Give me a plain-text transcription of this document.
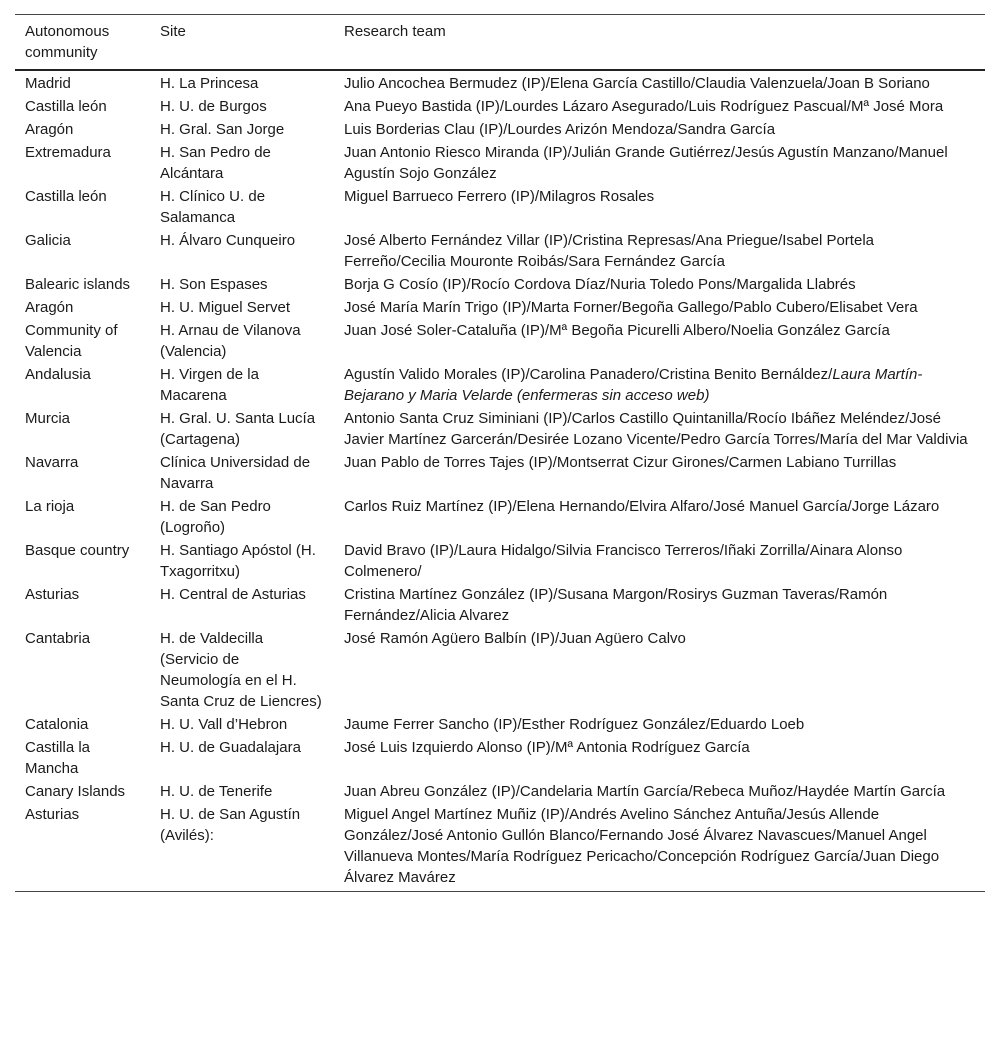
Autonomous community	Site	Research team
Madrid	H. La Princesa	Julio Ancochea Bermudez (IP)/Elena García Castillo/Claudia Valenzuela/Joan B Soriano
Castilla león	H. U. de Burgos	Ana Pueyo Bastida (IP)/Lourdes Lázaro Asegurado/Luis Rodríguez Pascual/Mª José Mora
Aragón	H. Gral. San Jorge	Luis Borderias Clau (IP)/Lourdes Arizón Mendoza/Sandra García
Extremadura	H. San Pedro de Alcántara	Juan Antonio Riesco Miranda (IP)/Julián Grande Gutiérrez/Jesús Agustín Manzano/Manuel Agustín Sojo González
Castilla león	H. Clínico U. de Salamanca	Miguel Barrueco Ferrero (IP)/Milagros Rosales
Galicia	H. Álvaro Cunqueiro	José Alberto Fernández Villar (IP)/Cristina Represas/Ana Priegue/Isabel Portela Ferreño/Cecilia Mouronte Roibás/Sara Fernández García
Balearic islands	H. Son Espases	Borja G Cosío (IP)/Rocío Cordova Díaz/Nuria Toledo Pons/Margalida Llabrés
Aragón	H. U. Miguel Servet	José María Marín Trigo (IP)/Marta Forner/Begoña Gallego/Pablo Cubero/Elisabet Vera
Community of Valencia	H. Arnau de Vilanova (Valencia)	Juan José Soler-Cataluña (IP)/Mª Begoña Picurelli Albero/Noelia González García
Andalusia	H. Virgen de la Macarena	Agustín Valido Morales (IP)/Carolina Panadero/Cristina Benito Bernáldez/Laura Martín-Bejarano y Maria Velarde (enfermeras sin acceso web)
Murcia	H. Gral. U. Santa Lucía (Cartagena)	Antonio Santa Cruz Siminiani (IP)/Carlos Castillo Quintanilla/Rocío Ibáñez Meléndez/José Javier Martínez Garcerán/Desirée Lozano Vicente/Pedro García Torres/María del Mar Valdivia
Navarra	Clínica Universidad de Navarra	Juan Pablo de Torres Tajes (IP)/Montserrat Cizur Girones/Carmen Labiano Turrillas
La rioja	H. de San Pedro (Logroño)	Carlos Ruiz Martínez (IP)/Elena Hernando/Elvira Alfaro/José Manuel García/Jorge Lázaro
Basque country	H. Santiago Apóstol (H. Txagorritxu)	David Bravo (IP)/Laura Hidalgo/Silvia Francisco Terreros/Iñaki Zorrilla/Ainara Alonso Colmenero/
Asturias	H. Central de Asturias	Cristina Martínez González (IP)/Susana Margon/Rosirys Guzman Taveras/Ramón Fernández/Alicia Alvarez
Cantabria	H. de Valdecilla (Servicio de Neumología en el H. Santa Cruz de Liencres)	José Ramón Agüero Balbín (IP)/Juan Agüero Calvo
Catalonia	H. U. Vall d’Hebron	Jaume Ferrer Sancho (IP)/Esther Rodríguez González/Eduardo Loeb
Castilla la Mancha	H. U. de Guadalajara	José Luis Izquierdo Alonso (IP)/Mª Antonia Rodríguez García
Canary Islands	H. U. de Tenerife	Juan Abreu González (IP)/Candelaria Martín García/Rebeca Muñoz/Haydée Martín García
Asturias	H. U. de San Agustín (Avilés):	Miguel Angel Martínez Muñiz (IP)/Andrés Avelino Sánchez Antuña/Jesús Allende González/José Antonio Gullón Blanco/Fernando José Álvarez Navascues/Manuel Angel Villanueva Montes/María Rodríguez Pericacho/Concepción Rodríguez García/Juan Diego Álvarez Mavárez
